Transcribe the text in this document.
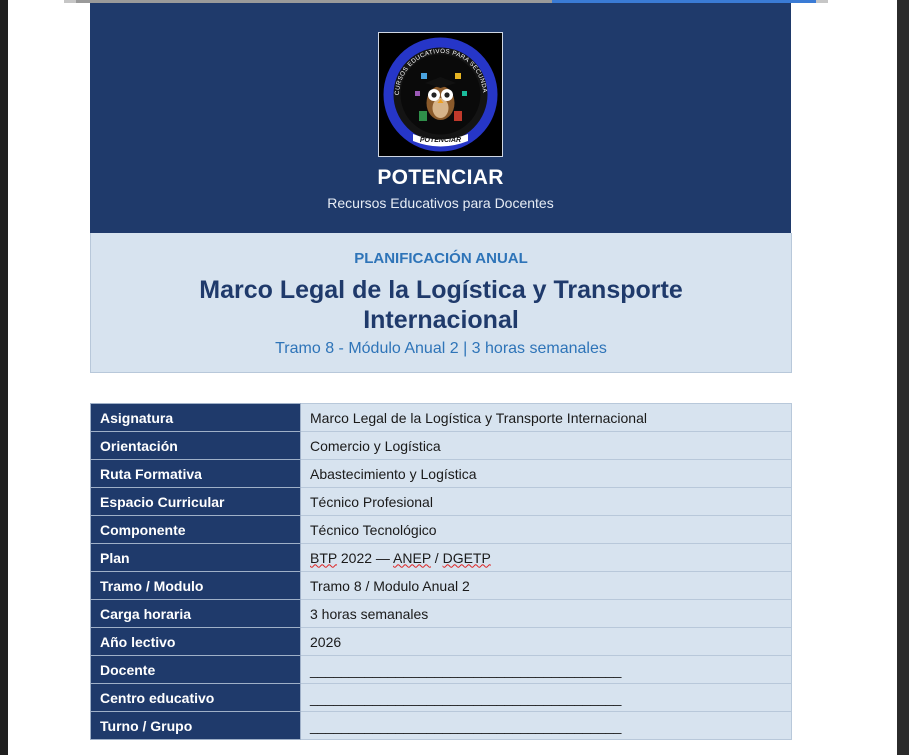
CURSOS EDUCATIVOS PARA SECUNDA
POTENCIAR
POTENCIAR
Recursos Educativos para Docentes
PLANIFICACIÓN ANUAL
Marco Legal de la Logística y Transporte Internacional
Tramo 8 - Módulo Anual 2 | 3 horas semanales
Asignatura	Marco Legal de la Logística y Transporte Internacional
Orientación	Comercio y Logística
Ruta Formativa	Abastecimiento y Logística
Espacio Curricular	Técnico Profesional
Componente	Técnico Tecnológico
Plan	BTP 2022 — ANEP / DGETP
Tramo / Modulo	Tramo 8 / Modulo Anual 2
Carga horaria	3 horas semanales
Año lectivo	2026
Docente	________________________________________
Centro educativo	________________________________________
Turno / Grupo	________________________________________
